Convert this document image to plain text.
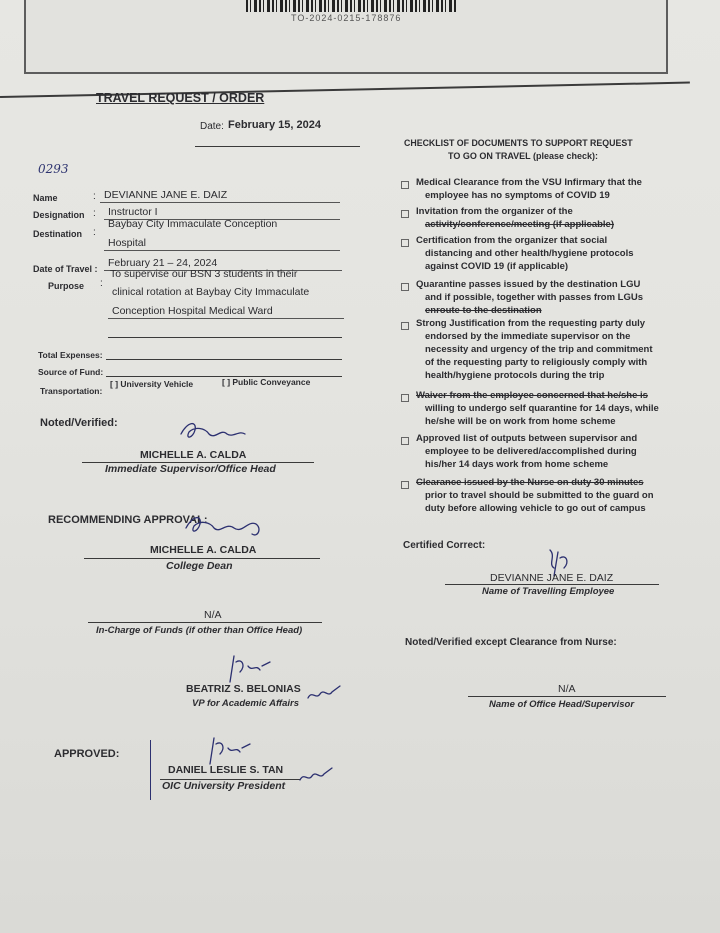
TO-2024-0215-178876
TRAVEL REQUEST / ORDER
Date: February 15, 2024
0293
Name	: DEVIANNE JANE E. DAIZ
Designation :	Instructor I
Destination :
Baybay City Immaculate Conception
Hospital
Date of Travel : February 21 – 24, 2024
Purpose :
To supervise our BSN 3 students in their
clinical rotation at Baybay City Immaculate
Conception Hospital Medical Ward
Total Expenses:
Source of Fund:
Transportation:
[ ] University Vehicle	[ ] Public Conveyance
Noted/Verified:
MICHELLE A. CALDA
Immediate Supervisor/Office Head
RECOMMENDING APPROVAL:
MICHELLE A. CALDA
College Dean
N/A
In-Charge of Funds (if other than Office Head)
BEATRIZ S. BELONIAS
VP for Academic Affairs
APPROVED:
DANIEL LESLIE S. TAN
OIC University President
CHECKLIST OF DOCUMENTS TO SUPPORT REQUEST
TO GO ON TRAVEL (please check):
Medical Clearance from the VSU Infirmary that the
employee has no symptoms of COVID 19
Invitation from the organizer of the
activity/conference/meeting (if applicable)
Certification from the organizer that social
distancing and other health/hygiene protocols
against COVID 19 (if applicable)
Quarantine passes issued by the destination LGU
and if possible, together with passes from LGUs
enroute to the destination
Strong Justification from the requesting party duly
endorsed by the immediate supervisor on the
necessity and urgency of the trip and commitment
of the requesting party to religiously comply with
health/hygiene protocols during the trip
Waiver from the employee concerned that he/she is
willing to undergo self quarantine for 14 days, while
he/she will be on work from home scheme
Approved list of outputs between supervisor and
employee to be delivered/accomplished during
his/her 14 days work from home scheme
Clearance issued by the Nurse on duty 30 minutes
prior to travel should be submitted to the guard on
duty before allowing vehicle to go out of campus
Certified Correct:
DEVIANNE JANE E. DAIZ
Name of Travelling Employee
Noted/Verified except Clearance from Nurse:
N/A
Name of Office Head/Supervisor
